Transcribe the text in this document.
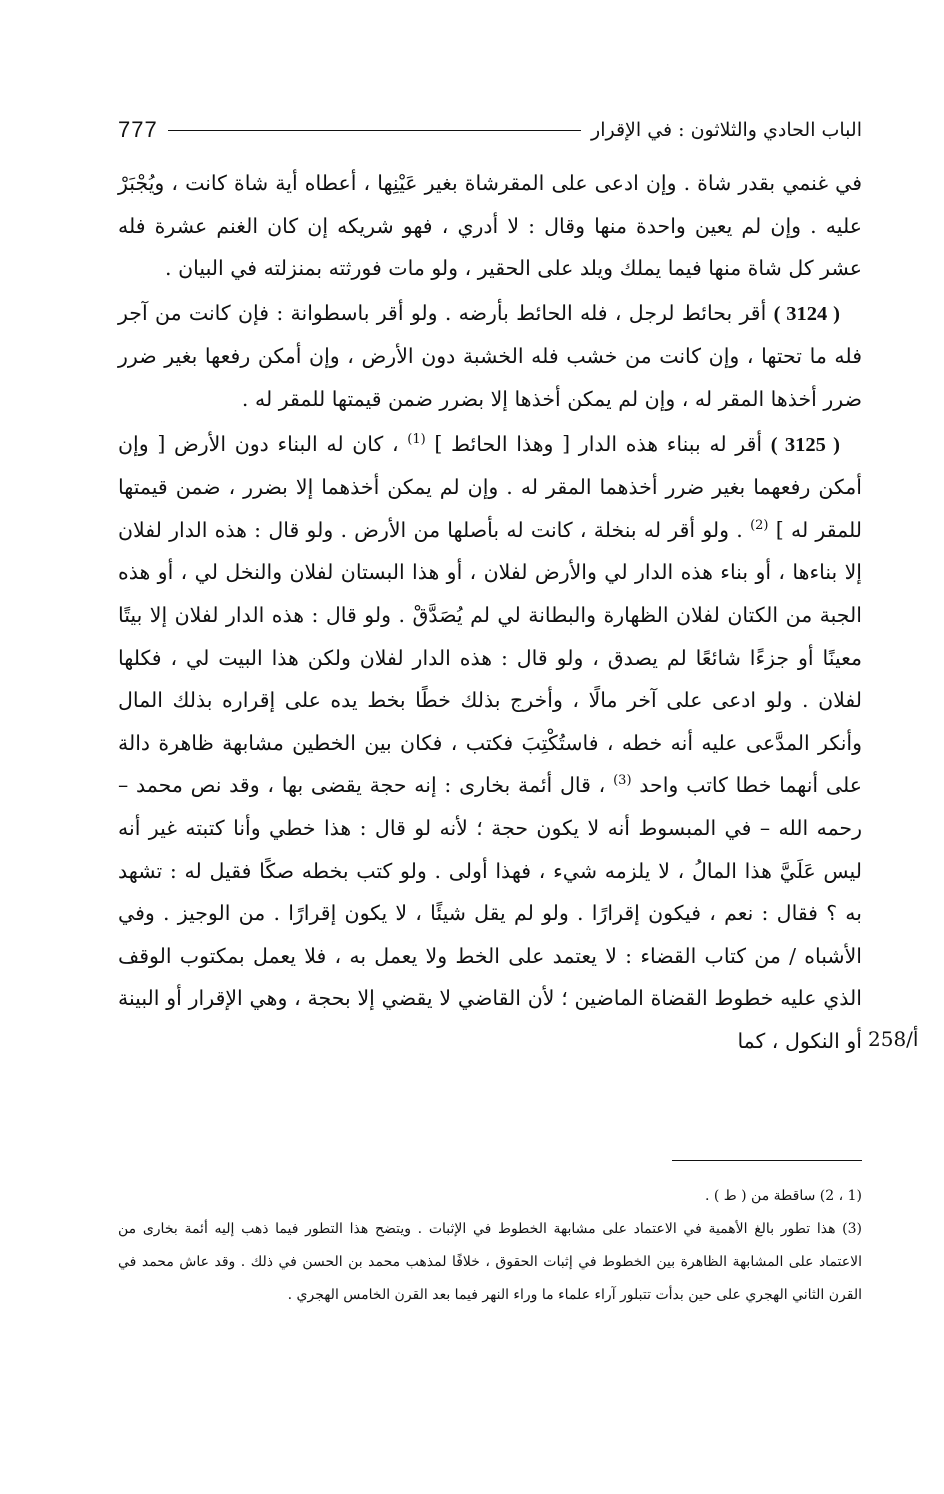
777	الباب الحادي والثلاثون : في الإقرار

في غنمي بقدر شاة . وإن ادعى على المقرشاة بغير عَيْنِها ، أعطاه أية شاة كانت ، ويُجْبَرْ عليه . وإن لم يعين واحدة منها وقال : لا أدري ، فهو شريكه إن كان الغنم عشرة فله عشر كل شاة منها فيما يملك ويلد على الحقير ، ولو مات فورثته بمنزلته في البيان .

( 3124 ) أقر بحائط لرجل ، فله الحائط بأرضه . ولو أقر باسطوانة : فإن كانت من آجر فله ما تحتها ، وإن كانت من خشب فله الخشبة دون الأرض ، وإن أمكن رفعها بغير ضرر ضرر أخذها المقر له ، وإن لم يمكن أخذها إلا بضرر ضمن قيمتها للمقر له .

( 3125 ) أقر له ببناء هذه الدار [ وهذا الحائط ] $^{(1)}$ ، كان له البناء دون الأرض [ وإن أمكن رفعهما بغير ضرر أخذهما المقر له . وإن لم يمكن أخذهما إلا بضرر ، ضمن قيمتها للمقر له ] $^{(2)}$ . ولو أقر له بنخلة ، كانت له بأصلها من الأرض . ولو قال : هذه الدار لفلان إلا بناءها ، أو بناء هذه الدار لي والأرض لفلان ، أو هذا البستان لفلان والنخل لي ، أو هذه الجبة من الكتان لفلان الظهارة والبطانة لي لم يُصَدَّقْ . ولو قال : هذه الدار لفلان إلا بيتًا معينًا أو جزءًا شائعًا لم يصدق ، ولو قال : هذه الدار لفلان ولكن هذا البيت لي ، فكلها لفلان . ولو ادعى على آخر مالًا ، وأخرج بذلك خطًا بخط يده على إقراره بذلك المال وأنكر المدَّعى عليه أنه خطه ، فاستُكْتِبَ فكتب ، فكان بين الخطين مشابهة ظاهرة دالة على أنهما خطا كاتب واحد $^{(3)}$ ، قال أئمة بخارى : إنه حجة يقضى بها ، وقد نص محمد – رحمه الله – في المبسوط أنه لا يكون حجة ؛ لأنه لو قال : هذا خطي وأنا كتبته غير أنه ليس عَلَيَّ هذا المالُ ، لا يلزمه شيء ، فهذا أولى . ولو كتب بخطه صكًا فقيل له : تشهد به ؟ فقال : نعم ، فيكون إقرارًا . ولو لم يقل شيئًا ، لا يكون إقرارًا . من الوجيز . وفي الأشباه / من كتاب القضاء : لا يعتمد على الخط ولا يعمل به ، فلا يعمل بمكتوب الوقف الذي عليه خطوط القضاة الماضين ؛ لأن القاضي لا يقضي إلا بحجة ، وهي الإقرار أو البينة أو النكول ، كما 258/أ

(1 ، 2) ساقطة من ( ط ) .

(3) هذا تطور بالغ الأهمية في الاعتماد على مشابهة الخطوط في الإثبات . ويتضح هذا التطور فيما ذهب إليه أئمة بخارى من الاعتماد على المشابهة الظاهرة بين الخطوط في إثبات الحقوق ، خلافًا لمذهب محمد بن الحسن في ذلك . وقد عاش محمد في القرن الثاني الهجري على حين بدأت تتبلور آراء علماء ما وراء النهر فيما بعد القرن الخامس الهجري .
